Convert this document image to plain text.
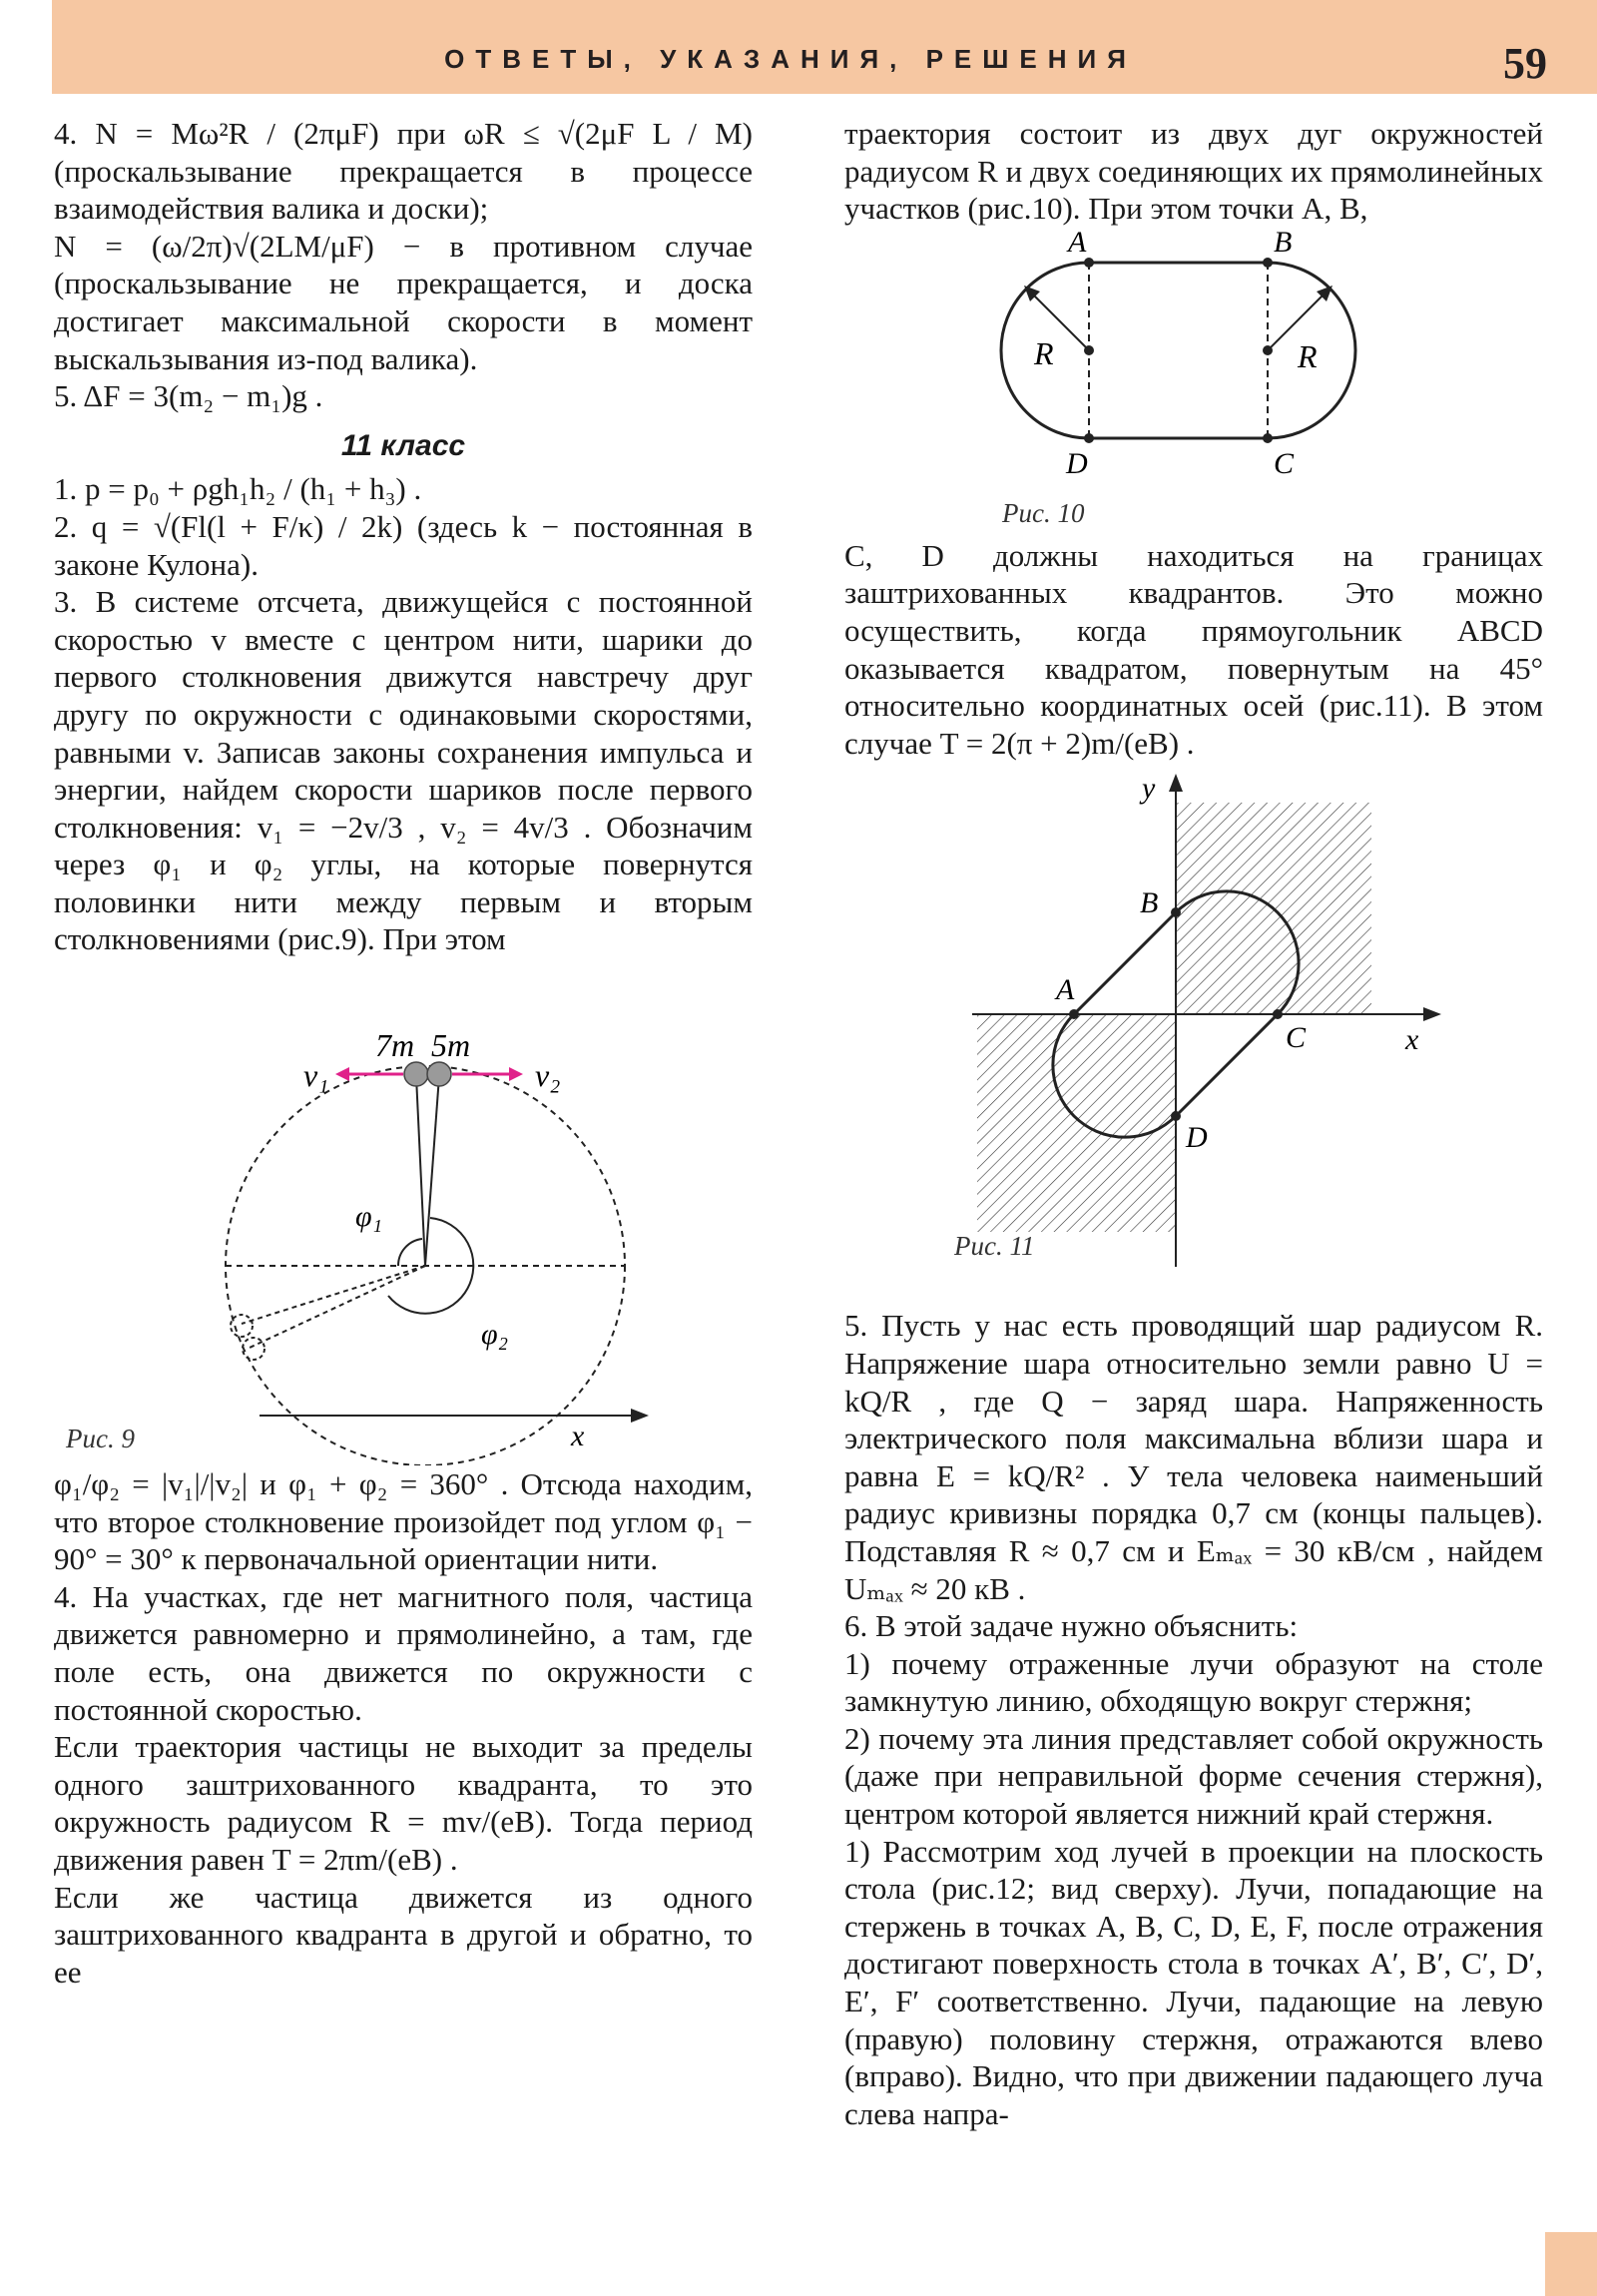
ОТВЕТЫ, УКАЗАНИЯ, РЕШЕНИЯ	59

4. N = Mω²R / (2πμF) при ωR ≤ √(2μF L / M) (проскальзывание прекращается в процессе взаимодействия валика и доски);

N = (ω/2π)√(2LM/μF) − в противном случае (проскальзывание не прекращается, и доска достигает максимальной скорости в момент выскальзывания из-под валика).

5. ΔF = 3(m₂ − m₁)g .

11 класс

1. p = p₀ + ρgh₁h₂ / (h₁ + h₃) .

2. q = √(Fl(l + F/κ) / 2k) (здесь k − постоянная в законе Кулона).

3. В системе отсчета, движущейся с постоянной скоростью v вместе с центром нити, шарики до первого столкновения движутся навстречу друг другу по окружности с одинаковыми скоростями, равными v. Записав законы сохранения импульса и энергии, найдем скорости шариков после первого столкновения: v₁ = −2v/3 , v₂ = 4v/3 . Обозначим через φ₁ и φ₂ углы, на которые повернутся половинки нити между первым и вторым столкновениями (рис.9). При этом

7m 5m
v₁	v₂
φ₁
φ₂
x
Рис. 9

φ₁/φ₂ = |v₁|/|v₂| и φ₁ + φ₂ = 360° . Отсюда находим, что второе столкновение произойдет под углом φ₁ − 90° = 30° к первоначальной ориентации нити.

4. На участках, где нет магнитного поля, частица движется равномерно и прямолинейно, а там, где поле есть, она движется по окружности с постоянной скоростью.

Если траектория частицы не выходит за пределы одного заштрихованного квадранта, то это окружность радиусом R = mv/(eB). Тогда период движения равен T = 2πm/(eB) .

Если же частица движется из одного заштрихованного квадранта в другой и обратно, то ее

траектория состоит из двух дуг окружностей радиусом R и двух соединяющих их прямолинейных участков (рис.10). При этом точки A, B,

A	B
C
D
R	R
Рис. 10

C, D должны находиться на границах заштрихованных квадрантов. Это можно осуществить, когда прямоугольник ABCD оказывается квадратом, повернутым на 45° относительно координатных осей (рис.11). В этом случае T = 2(π + 2)m/(eB) .

y
x
A
B
C
D
Рис. 11

5. Пусть у нас есть проводящий шар радиусом R. Напряжение шара относительно земли равно U = kQ/R , где Q − заряд шара. Напряженность электрического поля максимальна вблизи шара и равна E = kQ/R² . У тела человека наименьший радиус кривизны порядка 0,7 см (концы пальцев). Подставляя R ≈ 0,7 см и Eₘₐₓ = 30 кВ/см , найдем Uₘₐₓ ≈ 20 кВ .

6. В этой задаче нужно объяснить:

1) почему отраженные лучи образуют на столе замкнутую линию, обходящую вокруг стержня;

2) почему эта линия представляет собой окружность (даже при неправильной форме сечения стержня), центром которой является нижний край стержня.

1) Рассмотрим ход лучей в проекции на плоскость стола (рис.12; вид сверху). Лучи, попадающие на стержень в точках A, B, C, D, E, F, после отражения достигают поверхность стола в точках A′, B′, C′, D′, E′, F′ соответственно. Лучи, падающие на левую (правую) половину стержня, отражаются влево (вправо). Видно, что при движении падающего луча слева напра-
